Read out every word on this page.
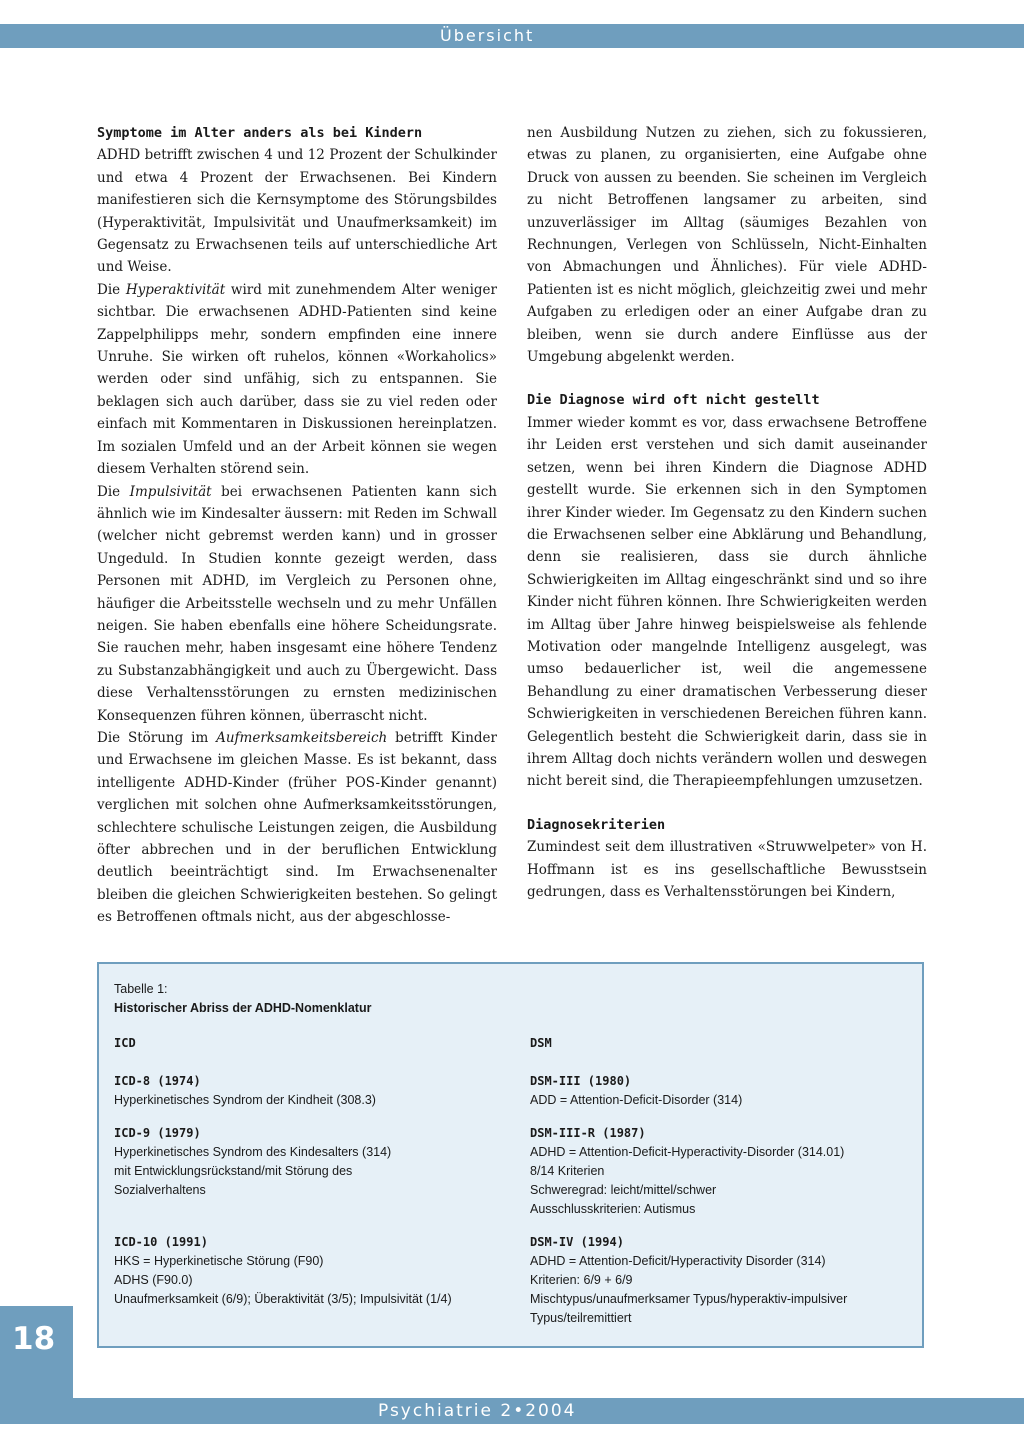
Übersicht
Symptome im Alter anders als bei Kindern

ADHD betrifft zwischen 4 und 12 Prozent der Schulkinder und etwa 4 Prozent der Erwachsenen. Bei Kindern manifestieren sich die Kernsymptome des Störungsbildes (Hyperaktivität, Impulsivität und Unaufmerksamkeit) im Gegensatz zu Erwachsenen teils auf unterschiedliche Art und Weise.

Die Hyperaktivität wird mit zunehmendem Alter weniger sichtbar. Die erwachsenen ADHD-Patienten sind keine Zappelphilipps mehr, sondern empfinden eine innere Unruhe. Sie wirken oft ruhelos, können «Workaholics» werden oder sind unfähig, sich zu entspannen. Sie beklagen sich auch darüber, dass sie zu viel reden oder einfach mit Kommentaren in Diskussionen hereinplatzen. Im sozialen Umfeld und an der Arbeit können sie wegen diesem Verhalten störend sein.

Die Impulsivität bei erwachsenen Patienten kann sich ähnlich wie im Kindesalter äussern: mit Reden im Schwall (welcher nicht gebremst werden kann) und in grosser Ungeduld. In Studien konnte gezeigt werden, dass Personen mit ADHD, im Vergleich zu Personen ohne, häufiger die Arbeitsstelle wechseln und zu mehr Unfällen neigen. Sie haben ebenfalls eine höhere Scheidungsrate. Sie rauchen mehr, haben insgesamt eine höhere Tendenz zu Substanzabhängigkeit und auch zu Übergewicht. Dass diese Verhaltensstörungen zu ernsten medizinischen Konsequenzen führen können, überrascht nicht.

Die Störung im Aufmerksamkeitsbereich betrifft Kinder und Erwachsene im gleichen Masse. Es ist bekannt, dass intelligente ADHD-Kinder (früher POS-Kinder genannt) verglichen mit solchen ohne Aufmerksamkeitsstörungen, schlechtere schulische Leistungen zeigen, die Ausbildung öfter abbrechen und in der beruflichen Entwicklung deutlich beeinträchtigt sind. Im Erwachsenenalter bleiben die gleichen Schwierigkeiten bestehen. So gelingt es Betroffenen oftmals nicht, aus der abgeschlosse-

nen Ausbildung Nutzen zu ziehen, sich zu fokussieren, etwas zu planen, zu organisierten, eine Aufgabe ohne Druck von aussen zu beenden. Sie scheinen im Vergleich zu nicht Betroffenen langsamer zu arbeiten, sind unzuverlässiger im Alltag (säumiges Bezahlen von Rechnungen, Verlegen von Schlüsseln, Nicht-Einhalten von Abmachungen und Ähnliches). Für viele ADHD-Patienten ist es nicht möglich, gleichzeitig zwei und mehr Aufgaben zu erledigen oder an einer Aufgabe dran zu bleiben, wenn sie durch andere Einflüsse aus der Umgebung abgelenkt werden.

Die Diagnose wird oft nicht gestellt

Immer wieder kommt es vor, dass erwachsene Betroffene ihr Leiden erst verstehen und sich damit auseinander setzen, wenn bei ihren Kindern die Diagnose ADHD gestellt wurde. Sie erkennen sich in den Symptomen ihrer Kinder wieder. Im Gegensatz zu den Kindern suchen die Erwachsenen selber eine Abklärung und Behandlung, denn sie realisieren, dass sie durch ähnliche Schwierigkeiten im Alltag eingeschränkt sind und so ihre Kinder nicht führen können. Ihre Schwierigkeiten werden im Alltag über Jahre hinweg beispielsweise als fehlende Motivation oder mangelnde Intelligenz ausgelegt, was umso bedauerlicher ist, weil die angemessene Behandlung zu einer dramatischen Verbesserung dieser Schwierigkeiten in verschiedenen Bereichen führen kann. Gelegentlich besteht die Schwierigkeit darin, dass sie in ihrem Alltag doch nichts verändern wollen und deswegen nicht bereit sind, die Therapieempfehlungen umzusetzen.

Diagnosekriterien

Zumindest seit dem illustrativen «Struwwelpeter» von H. Hoffmann ist es ins gesellschaftliche Bewusstsein gedrungen, dass es Verhaltensstörungen bei Kindern,

Tabelle 1:
Historischer Abriss der ADHD-Nomenklatur
ICD
ICD-8 (1974)
Hyperkinetisches Syndrom der Kindheit (308.3)
ICD-9 (1979)
Hyperkinetisches Syndrom des Kindesalters (314)
mit Entwicklungsrückstand/mit Störung des
Sozialverhaltens
ICD-10 (1991)
HKS = Hyperkinetische Störung (F90)
ADHS (F90.0)
Unaufmerksamkeit (6/9); Überaktivität (3/5); Impulsivität (1/4)
DSM
DSM-III (1980)
ADD = Attention-Deficit-Disorder (314)
DSM-III-R (1987)
ADHD = Attention-Deficit-Hyperactivity-Disorder (314.01)
8/14 Kriterien
Schweregrad: leicht/mittel/schwer
Ausschlusskriterien: Autismus
DSM-IV (1994)
ADHD = Attention-Deficit/Hyperactivity Disorder (314)
Kriterien: 6/9 + 6/9
Mischtypus/unaufmerksamer Typus/hyperaktiv-impulsiver
Typus/teilremittiert
18
Psychiatrie 2•2004
